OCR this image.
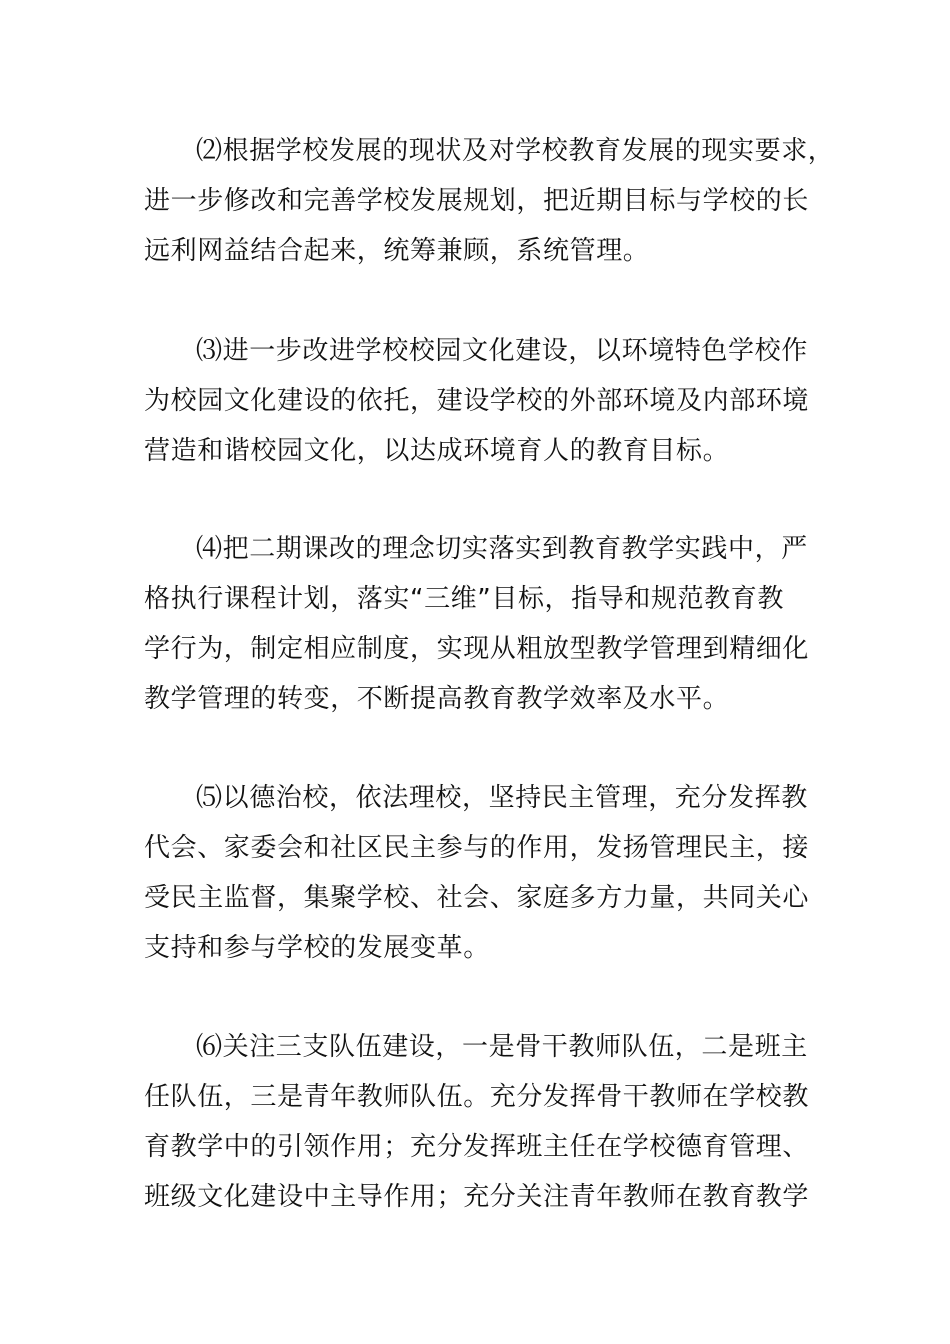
⑵根据学校发展的现状及对学校教育发展的现实要求，
进一步修改和完善学校发展规划，把近期目标与学校的长
远利网益结合起来，统筹兼顾，系统管理。
⑶进一步改进学校校园文化建设，以环境特色学校作
为校园文化建设的依托，建设学校的外部环境及内部环境
营造和谐校园文化，以达成环境育人的教育目标。
⑷把二期课改的理念切实落实到教育教学实践中，严
格执行课程计划，落实“三维”目标，指导和规范教育教
学行为，制定相应制度，实现从粗放型教学管理到精细化
教学管理的转变，不断提高教育教学效率及水平。
⑸以德治校，依法理校，坚持民主管理，充分发挥教
代会、家委会和社区民主参与的作用，发扬管理民主，接
受民主监督，集聚学校、社会、家庭多方力量，共同关心
支持和参与学校的发展变革。
⑹关注三支队伍建设，一是骨干教师队伍，二是班主
任队伍，三是青年教师队伍。充分发挥骨干教师在学校教
育教学中的引领作用；充分发挥班主任在学校德育管理、
班级文化建设中主导作用；充分关注青年教师在教育教学
